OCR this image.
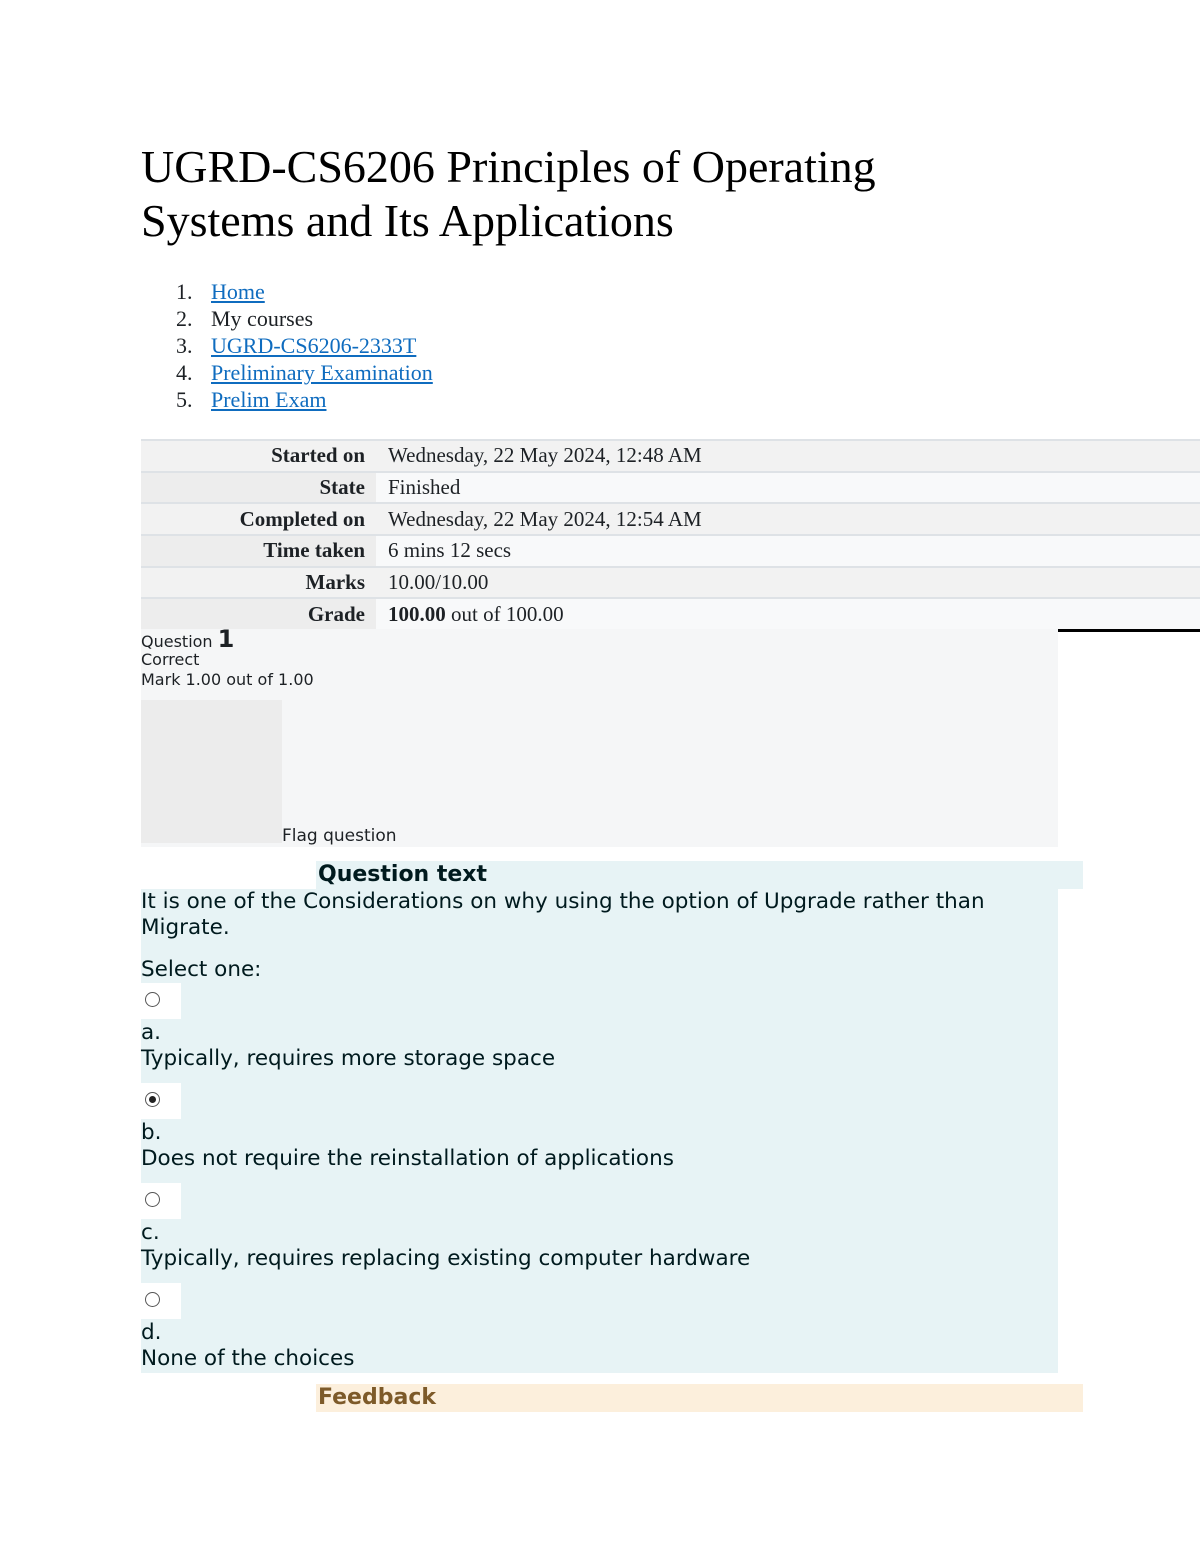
UGRD-CS6206 Principles of Operating Systems and Its Applications
1. Home
2. My courses
3. UGRD-CS6206-2333T
4. Preliminary Examination
5. Prelim Exam
Started on	Wednesday, 22 May 2024, 12:48 AM
State	Finished
Completed on	Wednesday, 22 May 2024, 12:54 AM
Time taken	6 mins 12 secs
Marks	10.00/10.00
Grade	100.00 out of 100.00
Question 1
Correct
Mark 1.00 out of 1.00
Flag question
Question text

It is one of the Considerations on why using the option of Upgrade rather than Migrate.

Select one:
a.
Typically, requires more storage space
b.
Does not require the reinstallation of applications
c.
Typically, requires replacing existing computer hardware
d.
None of the choices
Feedback
